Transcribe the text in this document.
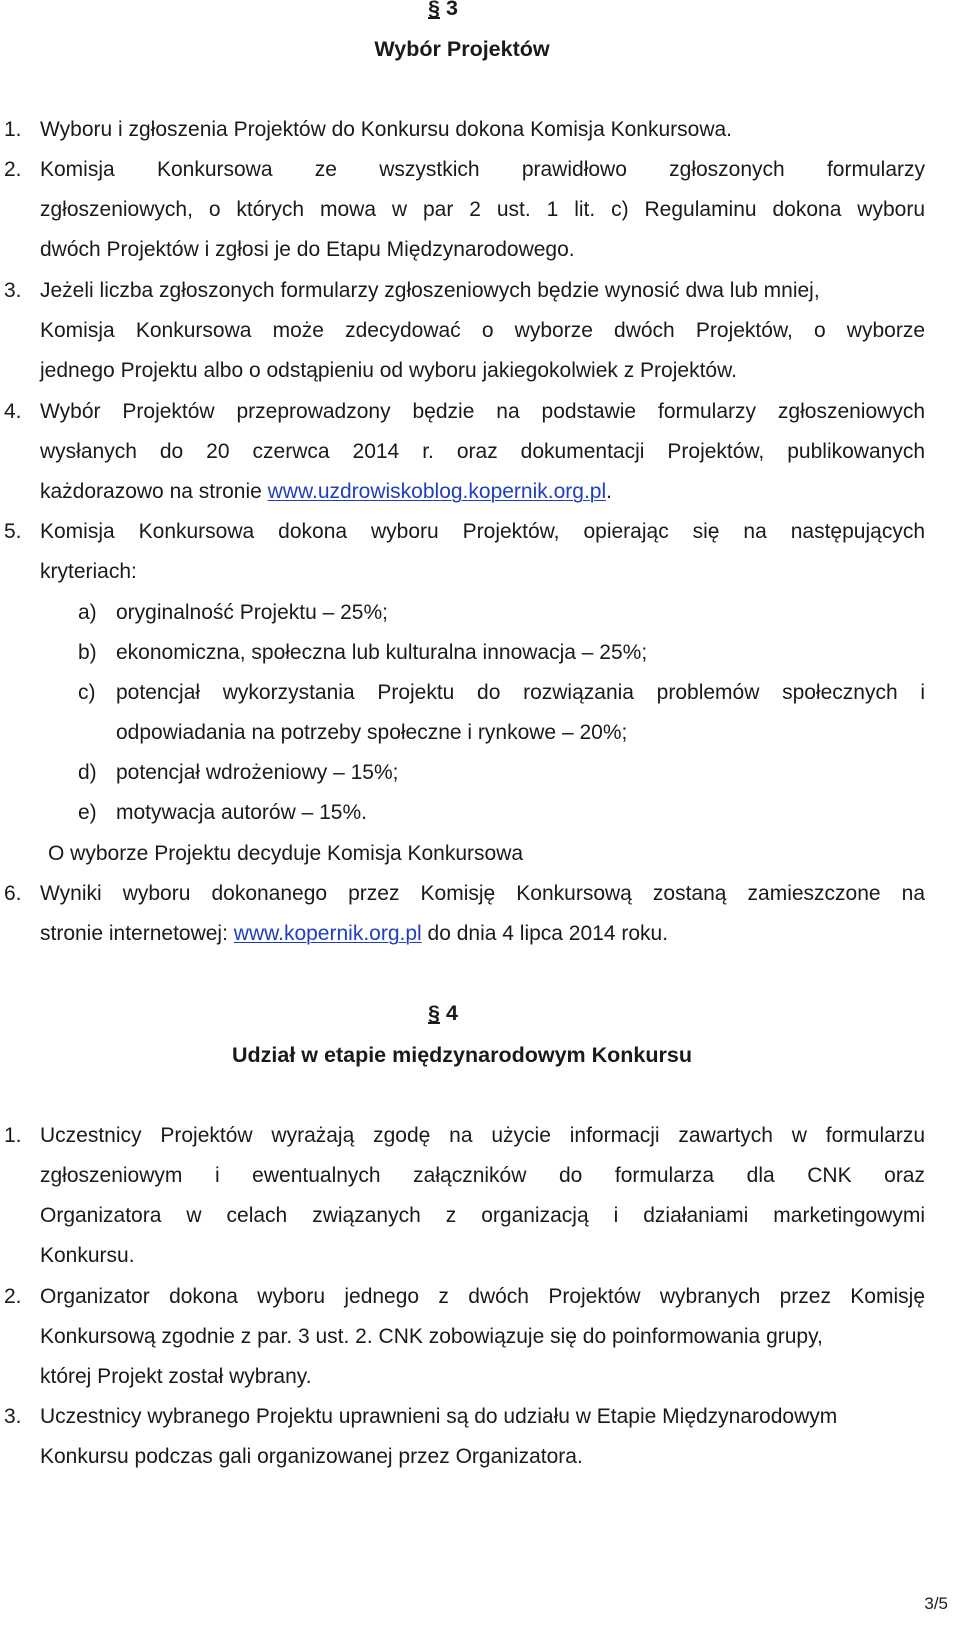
§ 3
Wybór Projektów
1. Wyboru i zgłoszenia Projektów do Konkursu dokona Komisja Konkursowa.
2. Komisja Konkursowa ze wszystkich prawidłowo zgłoszonych formularzy
zgłoszeniowych, o których mowa w par 2 ust. 1 lit. c) Regulaminu dokona wyboru
dwóch Projektów i zgłosi je do Etapu Międzynarodowego.
3. Jeżeli liczba zgłoszonych formularzy zgłoszeniowych będzie wynosić dwa lub mniej,
Komisja Konkursowa może zdecydować o wyborze dwóch Projektów, o wyborze
jednego Projektu albo o odstąpieniu od wyboru jakiegokolwiek z Projektów.
4. Wybór Projektów przeprowadzony będzie na podstawie formularzy zgłoszeniowych
wysłanych do 20 czerwca 2014 r. oraz dokumentacji Projektów, publikowanych
każdorazowo na stronie www.uzdrowiskoblog.kopernik.org.pl.
5. Komisja Konkursowa dokona wyboru Projektów, opierając się na następujących
kryteriach:
a) oryginalność Projektu – 25%;
b) ekonomiczna, społeczna lub kulturalna innowacja – 25%;
c) potencjał wykorzystania Projektu do rozwiązania problemów społecznych i
odpowiadania na potrzeby społeczne i rynkowe – 20%;
d) potencjał wdrożeniowy – 15%;
e) motywacja autorów – 15%.
O wyborze Projektu decyduje Komisja Konkursowa
6. Wyniki wyboru dokonanego przez Komisję Konkursową zostaną zamieszczone na
stronie internetowej: www.kopernik.org.pl do dnia 4 lipca 2014 roku.
§ 4
Udział w etapie międzynarodowym Konkursu
1. Uczestnicy Projektów wyrażają zgodę na użycie informacji zawartych w formularzu
zgłoszeniowym i ewentualnych załączników do formularza dla CNK oraz
Organizatora w celach związanych z organizacją i działaniami marketingowymi
Konkursu.
2. Organizator dokona wyboru jednego z dwóch Projektów wybranych przez Komisję
Konkursową zgodnie z par. 3 ust. 2. CNK zobowiązuje się do poinformowania grupy,
której Projekt został wybrany.
3. Uczestnicy wybranego Projektu uprawnieni są do udziału w Etapie Międzynarodowym
Konkursu podczas gali organizowanej przez Organizatora.
3/5
